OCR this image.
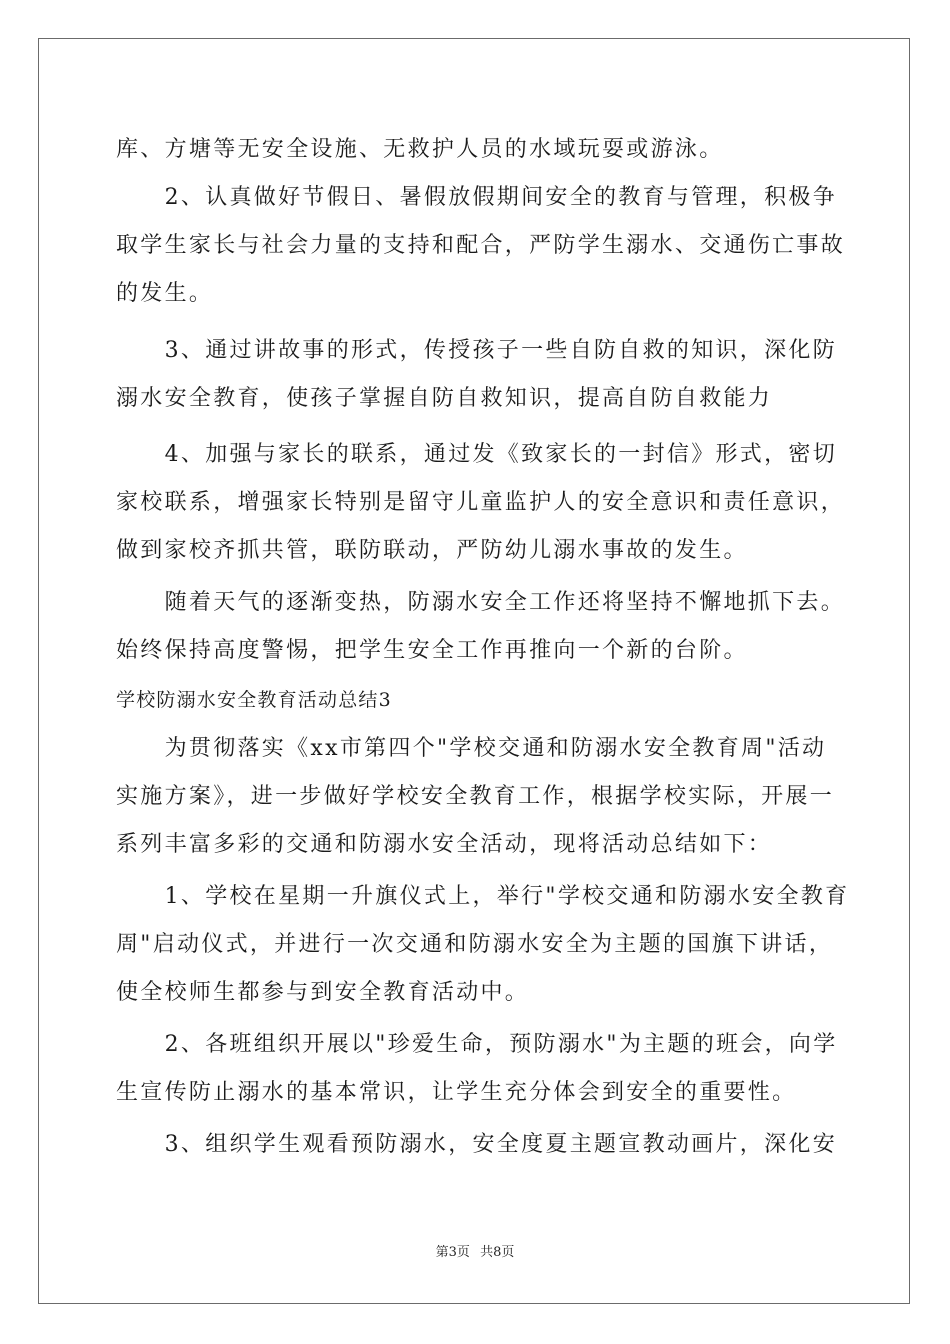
库、方塘等无安全设施、无救护人员的水域玩耍或游泳。
　　2、认真做好节假日、暑假放假期间安全的教育与管理，积极争
取学生家长与社会力量的支持和配合，严防学生溺水、交通伤亡事故
的发生。
　　3、通过讲故事的形式，传授孩子一些自防自救的知识，深化防
溺水安全教育，使孩子掌握自防自救知识，提高自防自救能力
　　4、加强与家长的联系，通过发《致家长的一封信》形式，密切
家校联系，增强家长特别是留守儿童监护人的安全意识和责任意识，
做到家校齐抓共管，联防联动，严防幼儿溺水事故的发生。
　　随着天气的逐渐变热，防溺水安全工作还将坚持不懈地抓下去。
始终保持高度警惕，把学生安全工作再推向一个新的台阶。
学校防溺水安全教育活动总结3
　　为贯彻落实《xx市第四个"学校交通和防溺水安全教育周"活动
实施方案》，进一步做好学校安全教育工作，根据学校实际，开展一
系列丰富多彩的交通和防溺水安全活动，现将活动总结如下：
　　1、学校在星期一升旗仪式上，举行"学校交通和防溺水安全教育
周"启动仪式，并进行一次交通和防溺水安全为主题的国旗下讲话，
使全校师生都参与到安全教育活动中。
　　2、各班组织开展以"珍爱生命，预防溺水"为主题的班会，向学
生宣传防止溺水的基本常识，让学生充分体会到安全的重要性。
　　3、组织学生观看预防溺水，安全度夏主题宣教动画片，深化安
第3页 共8页
